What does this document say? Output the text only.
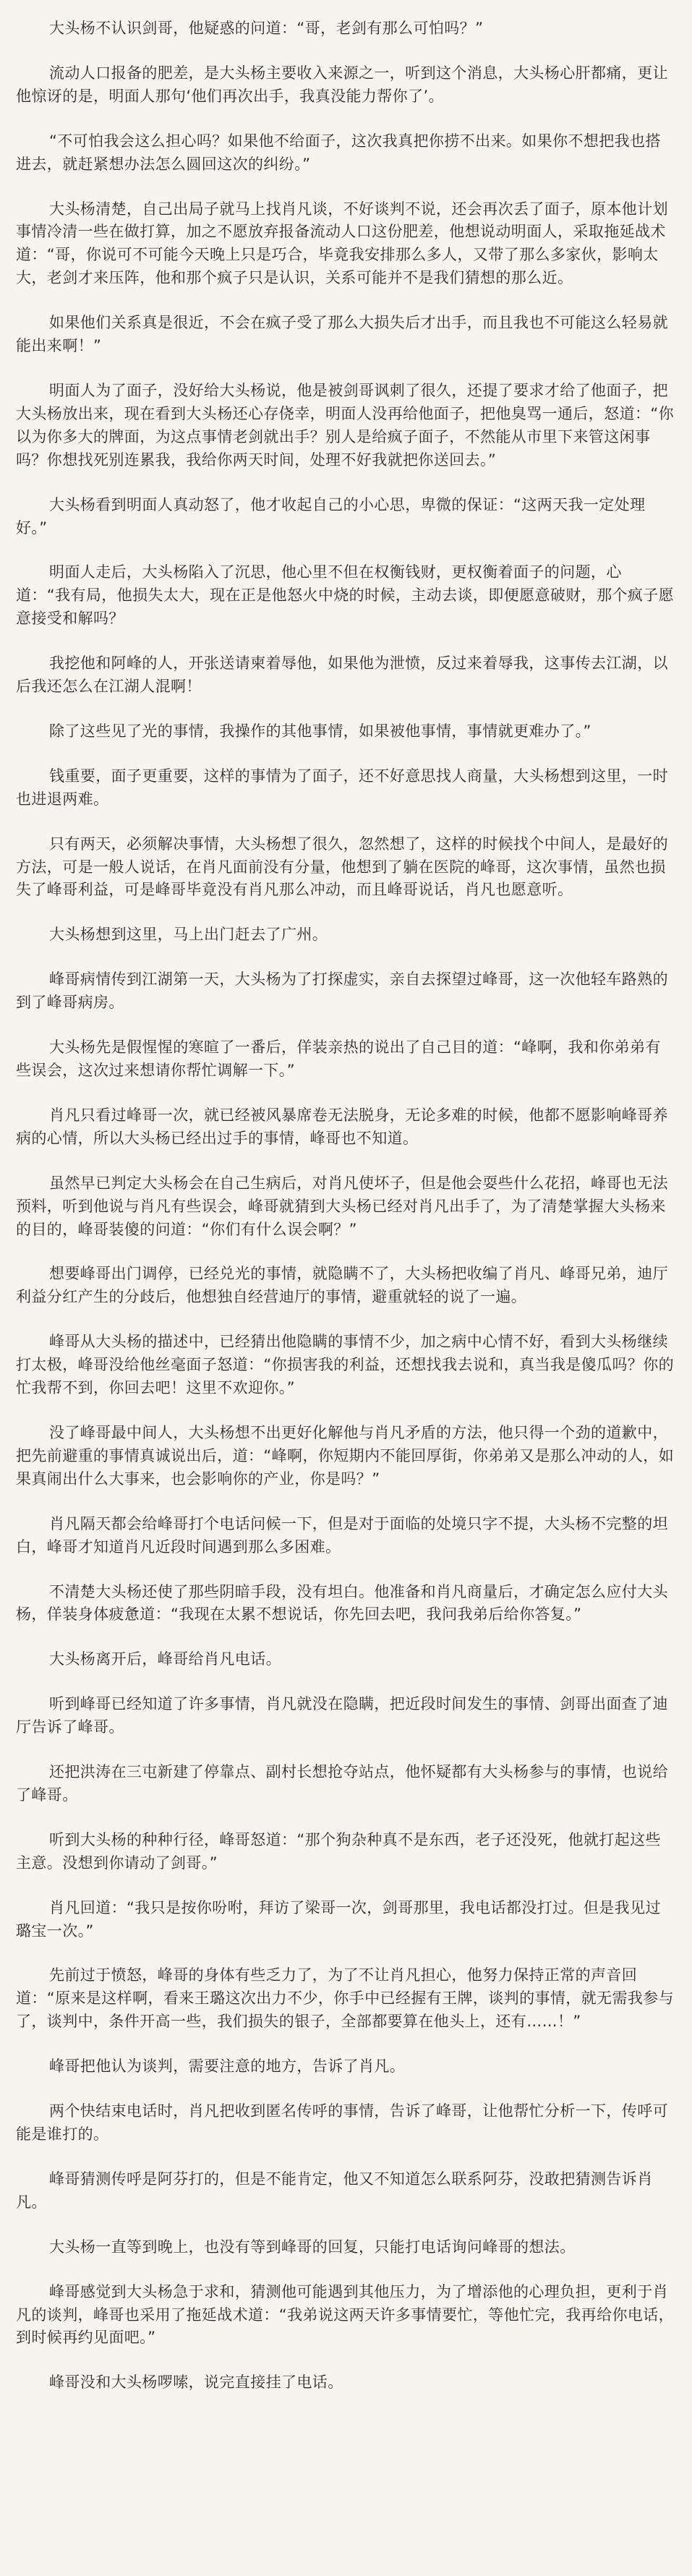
大头杨不认识剑哥，他疑惑的问道：“哥，老剑有那么可怕吗？”

流动人口报备的肥差，是大头杨主要收入来源之一，听到这个消息，大头杨心肝都痛，更让他惊讶的是，明面人那句‘他们再次出手，我真没能力帮你了’。

“不可怕我会这么担心吗？如果他不给面子，这次我真把你捞不出来。如果你不想把我也搭进去，就赶紧想办法怎么圆回这次的纠纷。”

大头杨清楚，自己出局子就马上找肖凡谈，不好谈判不说，还会再次丢了面子，原本他计划事情冷清一些在做打算，加之不愿放弃报备流动人口这份肥差，他想说动明面人，采取拖延战术道：“哥，你说可不可能今天晚上只是巧合，毕竟我安排那么多人，又带了那么多家伙，影响太大，老剑才来压阵，他和那个疯子只是认识，关系可能并不是我们猜想的那么近。

如果他们关系真是很近，不会在疯子受了那么大损失后才出手，而且我也不可能这么轻易就能出来啊！”

明面人为了面子，没好给大头杨说，他是被剑哥讽刺了很久，还提了要求才给了他面子，把大头杨放出来，现在看到大头杨还心存侥幸，明面人没再给他面子，把他臭骂一通后，怒道：“你以为你多大的牌面，为这点事情老剑就出手？别人是给疯子面子，不然能从市里下来管这闲事吗？你想找死别连累我，我给你两天时间，处理不好我就把你送回去。”

大头杨看到明面人真动怒了，他才收起自己的小心思，卑微的保证：“这两天我一定处理好。”

明面人走后，大头杨陷入了沉思，他心里不但在权衡钱财，更权衡着面子的问题，心道：“我有局，他损失太大，现在正是他怒火中烧的时候，主动去谈，即便愿意破财，那个疯子愿意接受和解吗？

我挖他和阿峰的人，开张送请柬着辱他，如果他为泄愤，反过来着辱我，这事传去江湖，以后我还怎么在江湖人混啊！

除了这些见了光的事情，我操作的其他事情，如果被他事情，事情就更难办了。”

钱重要，面子更重要，这样的事情为了面子，还不好意思找人商量，大头杨想到这里，一时也进退两难。

只有两天，必须解决事情，大头杨想了很久，忽然想了，这样的时候找个中间人，是最好的方法，可是一般人说话，在肖凡面前没有分量，他想到了躺在医院的峰哥，这次事情，虽然也损失了峰哥利益，可是峰哥毕竟没有肖凡那么冲动，而且峰哥说话，肖凡也愿意听。

大头杨想到这里，马上出门赶去了广州。

峰哥病情传到江湖第一天，大头杨为了打探虚实，亲自去探望过峰哥，这一次他轻车路熟的到了峰哥病房。

大头杨先是假惺惺的寒暄了一番后，佯装亲热的说出了自己目的道：“峰啊，我和你弟弟有些误会，这次过来想请你帮忙调解一下。”

肖凡只看过峰哥一次，就已经被风暴席卷无法脱身，无论多难的时候，他都不愿影响峰哥养病的心情，所以大头杨已经出过手的事情，峰哥也不知道。

虽然早已判定大头杨会在自己生病后，对肖凡使坏子，但是他会耍些什么花招，峰哥也无法预料，听到他说与肖凡有些误会，峰哥就猜到大头杨已经对肖凡出手了，为了清楚掌握大头杨来的目的，峰哥装傻的问道：“你们有什么误会啊？”

想要峰哥出门调停，已经兑光的事情，就隐瞒不了，大头杨把收编了肖凡、峰哥兄弟，迪厅利益分红产生的分歧后，他想独自经营迪厅的事情，避重就轻的说了一遍。

峰哥从大头杨的描述中，已经猜出他隐瞒的事情不少，加之病中心情不好，看到大头杨继续打太极，峰哥没给他丝毫面子怒道：“你损害我的利益，还想找我去说和，真当我是傻瓜吗？你的忙我帮不到，你回去吧！这里不欢迎你。”

没了峰哥最中间人，大头杨想不出更好化解他与肖凡矛盾的方法，他只得一个劲的道歉中，把先前避重的事情真诚说出后，道：“峰啊，你短期内不能回厚街，你弟弟又是那么冲动的人，如果真闹出什么大事来，也会影响你的产业，你是吗？”

肖凡隔天都会给峰哥打个电话问候一下，但是对于面临的处境只字不提，大头杨不完整的坦白，峰哥才知道肖凡近段时间遇到那么多困难。

不清楚大头杨还使了那些阴暗手段，没有坦白。他准备和肖凡商量后，才确定怎么应付大头杨，佯装身体疲惫道：“我现在太累不想说话，你先回去吧，我问我弟后给你答复。”

大头杨离开后，峰哥给肖凡电话。

听到峰哥已经知道了许多事情，肖凡就没在隐瞒，把近段时间发生的事情、剑哥出面查了迪厅告诉了峰哥。

还把洪涛在三屯新建了停靠点、副村长想抢夺站点，他怀疑都有大头杨参与的事情，也说给了峰哥。

听到大头杨的种种行径，峰哥怒道：“那个狗杂种真不是东西，老子还没死，他就打起这些主意。没想到你请动了剑哥。”

肖凡回道：“我只是按你吩咐，拜访了梁哥一次，剑哥那里，我电话都没打过。但是我见过璐宝一次。”

先前过于愤怒，峰哥的身体有些乏力了，为了不让肖凡担心，他努力保持正常的声音回道：“原来是这样啊，看来王璐这次出力不少，你手中已经握有王牌，谈判的事情，就无需我参与了，谈判中，条件开高一些，我们损失的银子，全部都要算在他头上，还有……！”

峰哥把他认为谈判，需要注意的地方，告诉了肖凡。

两个快结束电话时，肖凡把收到匿名传呼的事情，告诉了峰哥，让他帮忙分析一下，传呼可能是谁打的。

峰哥猜测传呼是阿芬打的，但是不能肯定，他又不知道怎么联系阿芬，没敢把猜测告诉肖凡。

大头杨一直等到晚上，也没有等到峰哥的回复，只能打电话询问峰哥的想法。

峰哥感觉到大头杨急于求和，猜测他可能遇到其他压力，为了增添他的心理负担，更利于肖凡的谈判，峰哥也采用了拖延战术道：“我弟说这两天许多事情要忙，等他忙完，我再给你电话，到时候再约见面吧。”

峰哥没和大头杨啰嗦，说完直接挂了电话。
